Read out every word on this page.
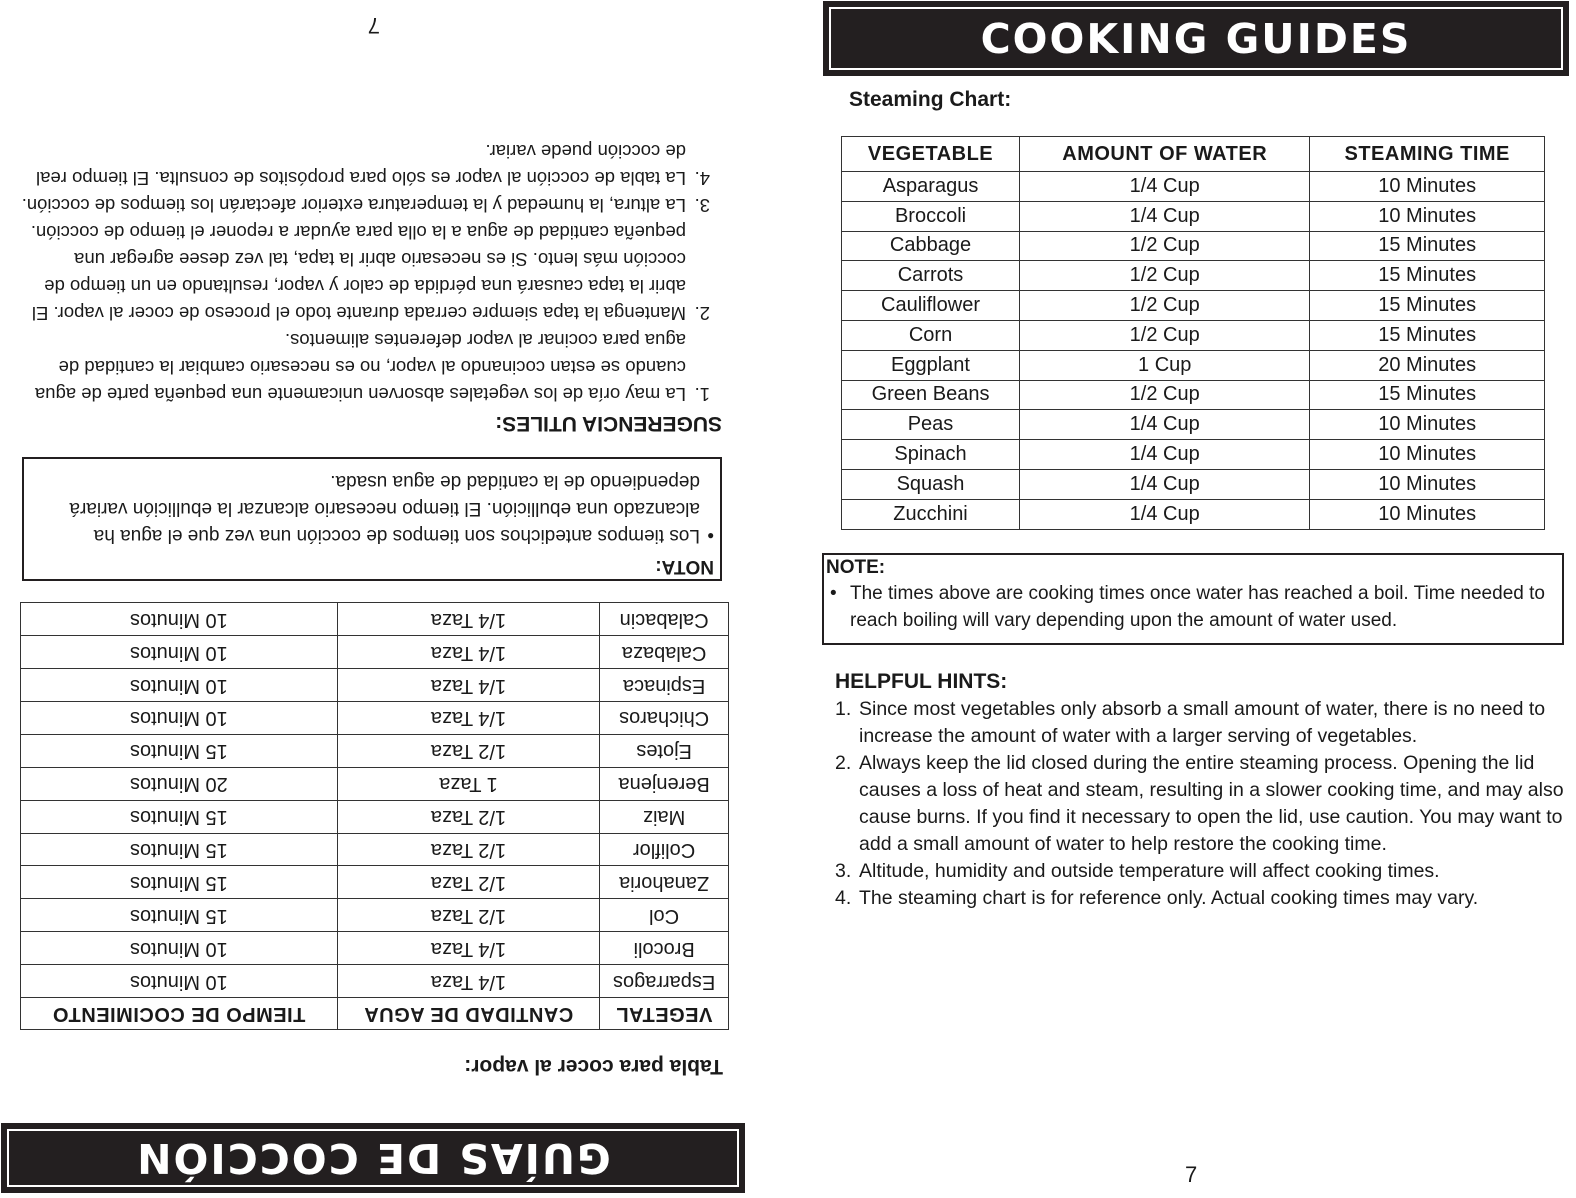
GUÍAS DE COCCIÓN
Tabla para cocer al vapor:
VEGETAL	CANTIDAD DE AGUA	TIEMPO DE COCIMIENTO
Esparragos	1/4 Taza	10 Minutos
Brocoli	1/4 Taza	10 Minutos
Col	1/2 Taza	15 Minutos
Zanahoria	1/2 Taza	15 Minutos
Coliflor	1/2 Taza	15 Minutos
Maiz	1/2 Taza	15 Minutos
Berenjena	1 Taza	20 Minutos
Ejotes	1/2 Taza	15 Minutos
Chicharos	1/4 Taza	10 Minutos
Espinaca	1/4 Taza	10 Minutos
Calabaza	1/4 Taza	10 Minutos
Calabacin	1/4 Taza	10 Minutos
NOTA:
•
Los tiempos antedichos son tiempos de cocción una vez que el agua ha
alcanzado una ebullición. El tiempo necesario alcanzar la ebullición variará
dependiendo de la cantidad de agua usada.
SUGERENCIA UTILES:
1.
La may oría de los vegetales absorven unicamente una pequeña parte de agua
cuando se estan cocinando al vapor, no es necesario cambiar la cantidad de
agua para cocinar al vapor deferentes alimentos.
2.
Mantenga la tapa siempre cerrada durante todo el proceso de cocer al vapor. El
abrir la tapa causará una pérdida de calor y vapor, resultando en un tiempo de
cocción más lento. Si es necesario abrir la tapa, tal vez desee agregar una
pequeña cantidad de agua a la olla para ayudar a reponer el tiempo de cocción.
3.
La altura, la humedad y la temperatura exterior afectarán los tiempos de cocción.
4.
La tabla de cocción al vapor es sólo para propósitos de consulta. El tiempo real
de cocción puede variar.
7	COOKING GUIDES
Steaming Chart:
VEGETABLE	AMOUNT OF WATER	STEAMING TIME
Asparagus	1/4 Cup	10 Minutes
Broccoli	1/4 Cup	10 Minutes
Cabbage	1/2 Cup	15 Minutes
Carrots	1/2 Cup	15 Minutes
Cauliflower	1/2 Cup	15 Minutes
Corn	1/2 Cup	15 Minutes
Eggplant	1 Cup	20 Minutes
Green Beans	1/2 Cup	15 Minutes
Peas	1/4 Cup	10 Minutes
Spinach	1/4 Cup	10 Minutes
Squash	1/4 Cup	10 Minutes
Zucchini	1/4 Cup	10 Minutes
NOTE:
• The times above are cooking times once water has reached a boil. Time needed to
reach boiling will vary depending upon the amount of water used.
HELPFUL HINTS:
1. Since most vegetables only absorb a small amount of water, there is no need to
increase the amount of water with a larger serving of vegetables.
2. Always keep the lid closed during the entire steaming process. Opening the lid
causes a loss of heat and steam, resulting in a slower cooking time, and may also
cause burns. If you find it necessary to open the lid, use caution. You may want to
add a small amount of water to help restore the cooking time.
3. Altitude, humidity and outside temperature will affect cooking times.
4. The steaming chart is for reference only. Actual cooking times may vary.
7
